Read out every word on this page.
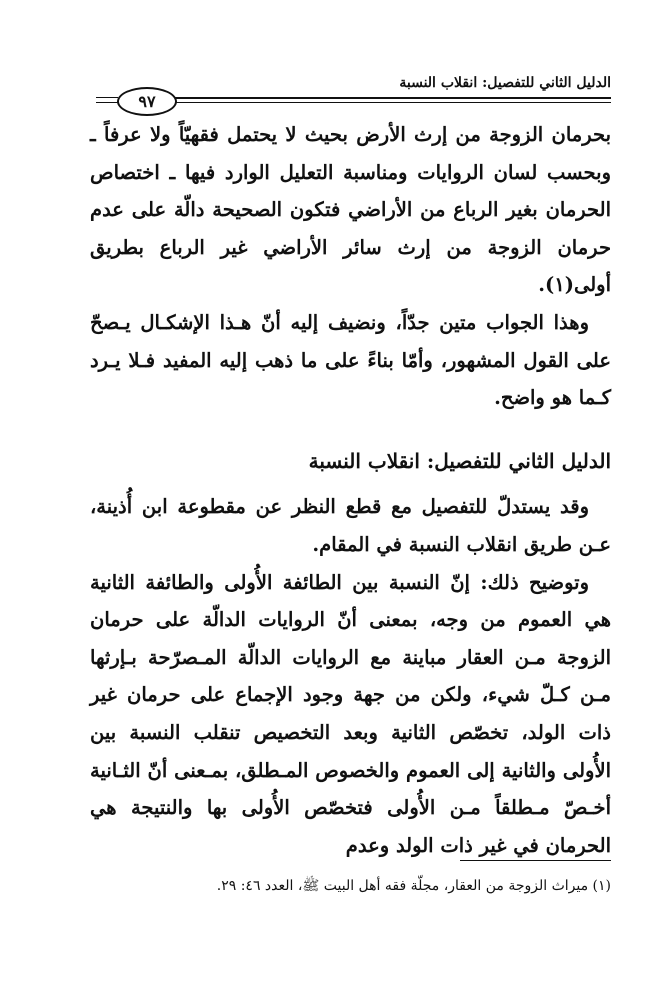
الدليل الثاني للتفصيل: انقلاب النسبة
٩٧

بحرمان الزوجة من إرث الأرض بحيث لا يحتمل فقهيّاً ولا عرفاً ـ وبحسب لسان الروايات ومناسبة التعليل الوارد فيها ـ اختصاص الحرمان بغير الرباع من الأراضي فتكون الصحيحة دالّة على عدم حرمان الزوجة من إرث سائر الأراضي غير الرباع بطريق أولى(١).

وهذا الجواب متين جدّاً، ونضيف إليه أنّ هـذا الإشكـال يـصحّ على القول المشهور، وأمّا بناءً على ما ذهب إليه المفيد فـلا يـرد كـما هو واضح.

الدليل الثاني للتفصيل: انقلاب النسبة

وقد يستدلّ للتفصيل مع قطع النظر عن مقطوعة ابن أُذينة، عـن طريق انقلاب النسبة في المقام.

وتوضيح ذلك: إنّ النسبة بين الطائفة الأُولى والطائفة الثانية هي العموم من وجه، بمعنى أنّ الروايات الدالّة على حرمان الزوجة مـن العقار مباينة مع الروايات الدالّة المـصرّحة بـإرثها مـن كـلّ شيء، ولكن من جهة وجود الإجماع على حرمان غير ذات الولد، تخصّص الثانية وبعد التخصيص تنقلب النسبة بين الأُولى والثانية إلى العموم والخصوص المـطلق، بمـعنى أنّ الثـانية أخـصّ مـطلقاً مـن الأُولى فتخصّص الأُولى بها والنتيجة هي الحرمان في غير ذات الولد وعدم

(١) ميراث الزوجة من العقار، مجلّة فقه أهل البيت ﷺ، العدد ٤٦: ٢٩.
